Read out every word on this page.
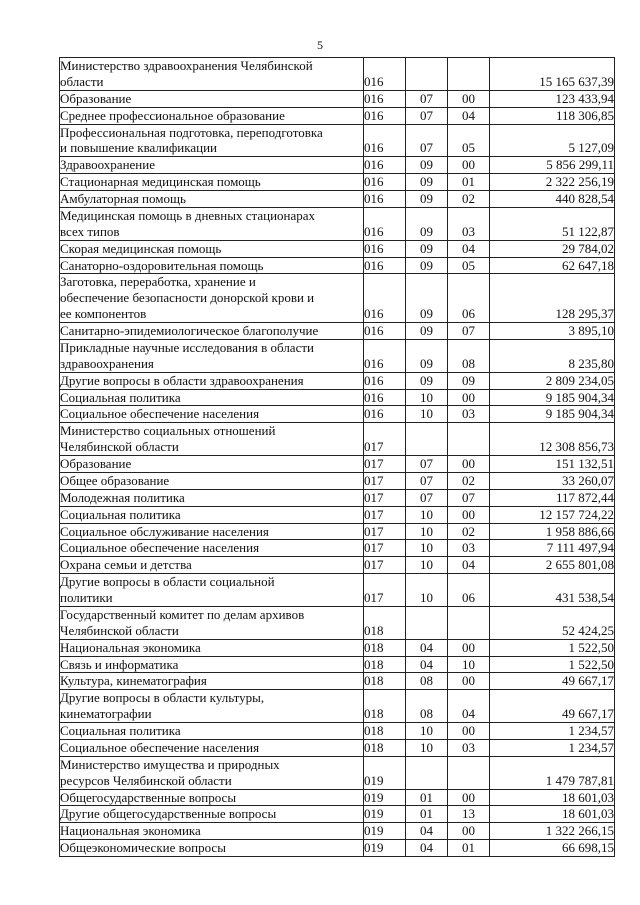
5
Министерство здравоохранения Челябинской
области	016			15 165 637,39

Образование	016	07	00	123 433,94

Среднее профессиональное образование	016	07	04	118 306,85

Профессиональная подготовка, переподготовка
и повышение квалификации	016	07	05	5 127,09

Здравоохранение	016	09	00	5 856 299,11

Стационарная медицинская помощь	016	09	01	2 322 256,19

Амбулаторная помощь	016	09	02	440 828,54

Медицинская помощь в дневных стационарах
всех типов	016	09	03	51 122,87

Скорая медицинская помощь	016	09	04	29 784,02

Санаторно-оздоровительная помощь	016	09	05	62 647,18

Заготовка, переработка, хранение и
обеспечение безопасности донорской крови и
ее компонентов	016	09	06	128 295,37

Санитарно-эпидемиологическое благополучие	016	09	07	3 895,10

Прикладные научные исследования в области
здравоохранения	016	09	08	8 235,80

Другие вопросы в области здравоохранения	016	09	09	2 809 234,05

Социальная политика	016	10	00	9 185 904,34

Социальное обеспечение населения	016	10	03	9 185 904,34

Министерство социальных отношений
Челябинской области	017			12 308 856,73

Образование	017	07	00	151 132,51

Общее образование	017	07	02	33 260,07

Молодежная политика	017	07	07	117 872,44

Социальная политика	017	10	00	12 157 724,22

Социальное обслуживание населения	017	10	02	1 958 886,66

Социальное обеспечение населения	017	10	03	7 111 497,94

Охрана семьи и детства	017	10	04	2 655 801,08

Другие вопросы в области социальной
политики	017	10	06	431 538,54

Государственный комитет по делам архивов
Челябинской области	018			52 424,25

Национальная экономика	018	04	00	1 522,50

Связь и информатика	018	04	10	1 522,50

Культура, кинематография	018	08	00	49 667,17

Другие вопросы в области культуры,
кинематографии	018	08	04	49 667,17

Социальная политика	018	10	00	1 234,57

Социальное обеспечение населения	018	10	03	1 234,57

Министерство имущества и природных
ресурсов Челябинской области	019			1 479 787,81

Общегосударственные вопросы	019	01	00	18 601,03

Другие общегосударственные вопросы	019	01	13	18 601,03

Национальная экономика	019	04	00	1 322 266,15

Общеэкономические вопросы	019	04	01	66 698,15
